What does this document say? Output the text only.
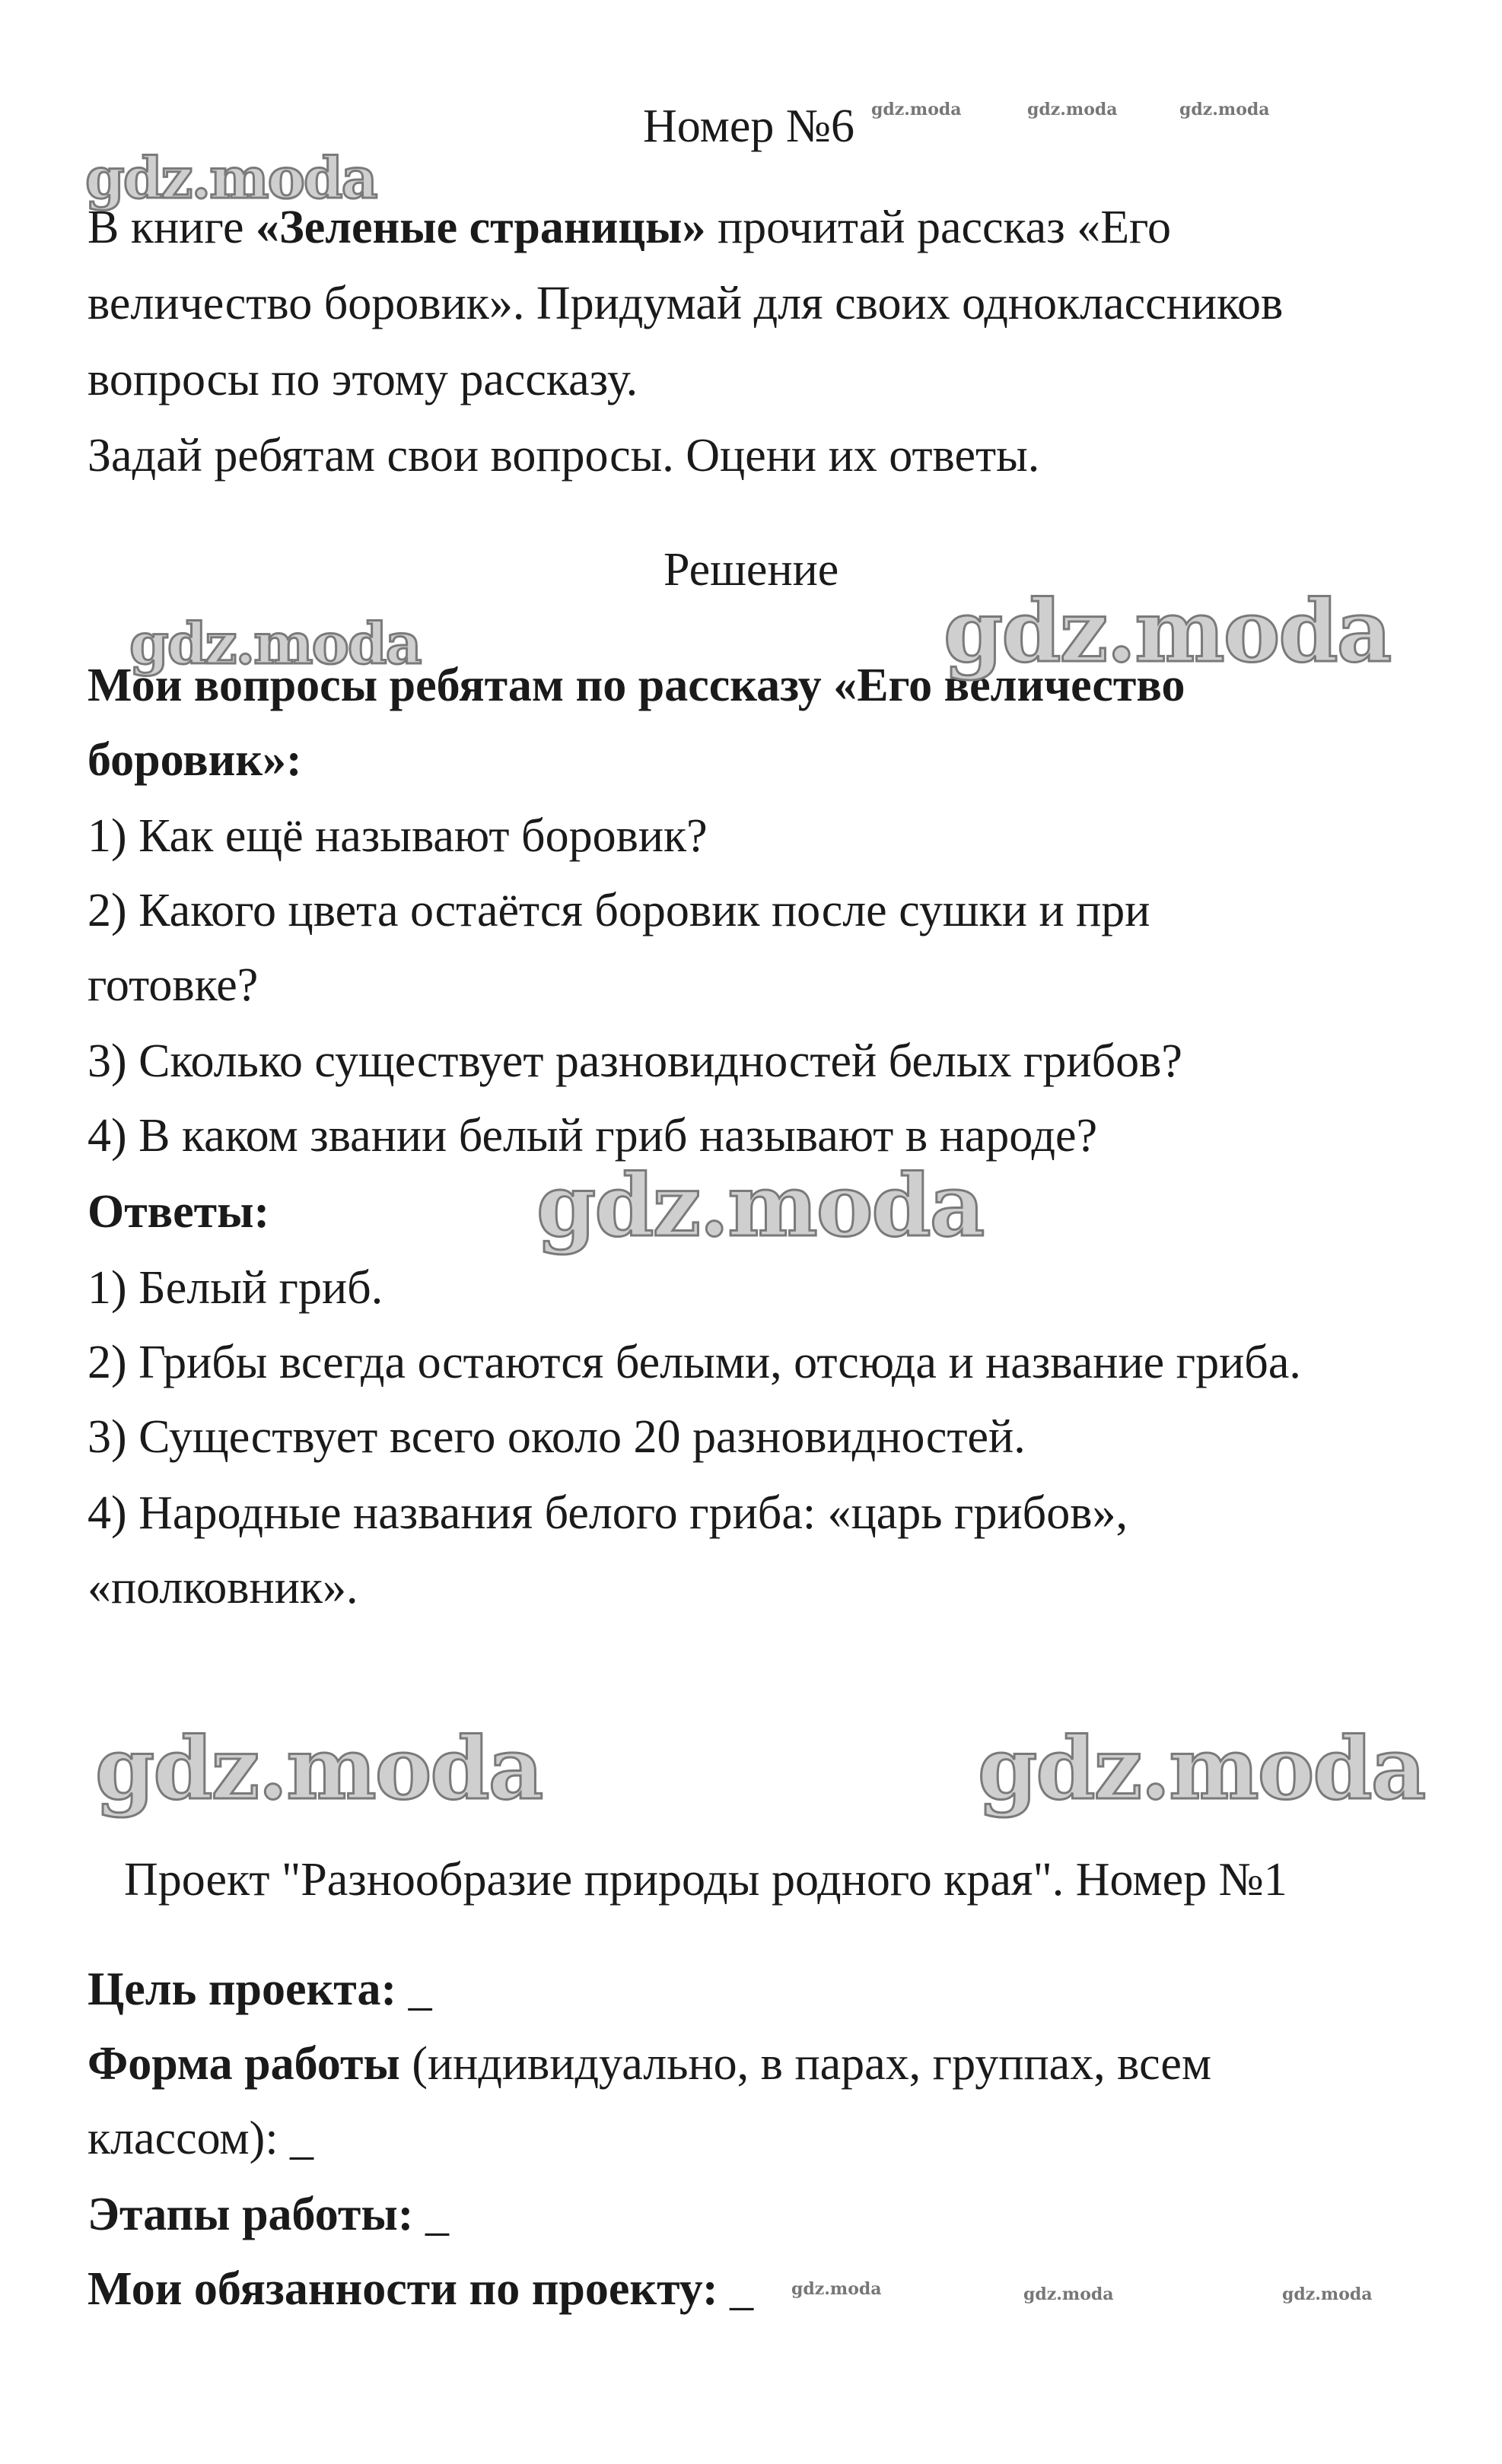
Номер №6
В книге «Зеленые страницы» прочитай рассказ «Его
величество боровик». Придумай для своих одноклассников
вопросы по этому рассказу.
Задай ребятам свои вопросы. Оцени их ответы.
Решение
Мои вопросы ребятам по рассказу «Его величество
боровик»:
1) Как ещё называют боровик?
2) Какого цвета остаётся боровик после сушки и при
готовке?
3) Сколько существует разновидностей белых грибов?
4) В каком звании белый гриб называют в народе?
Ответы:
1) Белый гриб.
2) Грибы всегда остаются белыми, отсюда и название гриба.
3) Существует всего около 20 разновидностей.
4) Народные названия белого гриба: «царь грибов»,
«полковник».
Проект "Разнообразие природы родного края". Номер №1
Цель проекта: _
Форма работы (индивидуально, в парах, группах, всем
классом): _
Этапы работы: _
Мои обязанности по проекту: _
gdz.moda	gdz.moda	gdz.moda
gdz.moda
gdz.moda	gdz.moda
gdz.moda
gdz.moda	gdz.moda
gdz.moda	gdz.moda	gdz.moda
